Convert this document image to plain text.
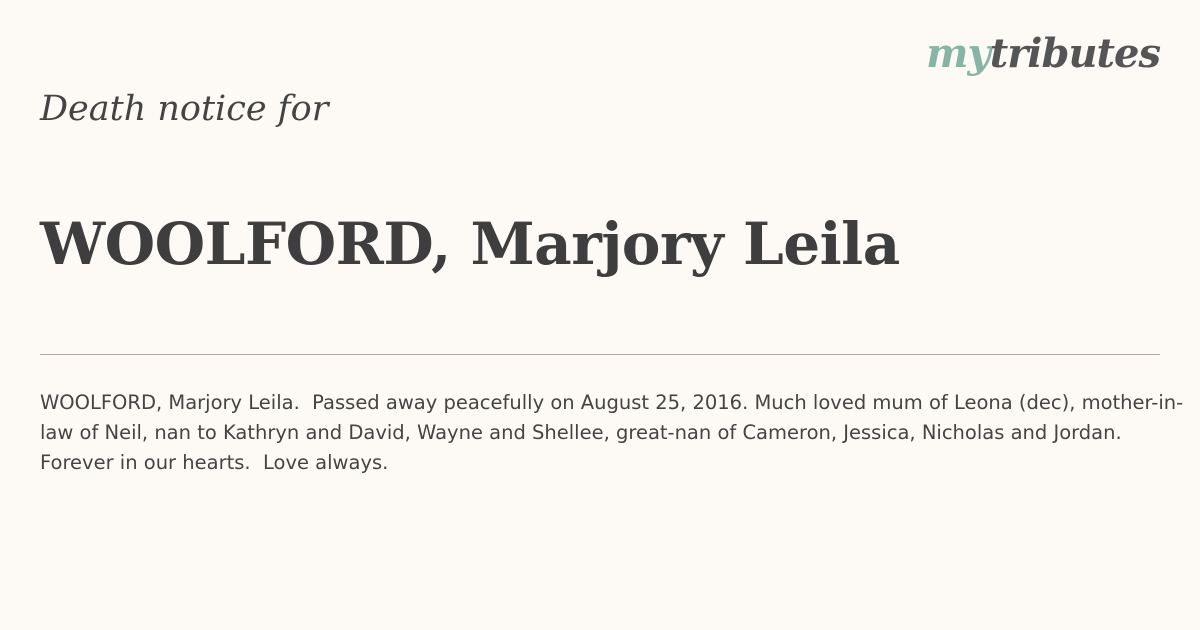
mytributes
Death notice for
WOOLFORD, Marjory Leila
WOOLFORD, Marjory Leila.  Passed away peacefully on August 25, 2016. Much loved mum of Leona (dec), mother-in-law of Neil, nan to Kathryn and David, Wayne and Shellee, great-nan of Cameron, Jessica, Nicholas and Jordan. Forever in our hearts.  Love always.
